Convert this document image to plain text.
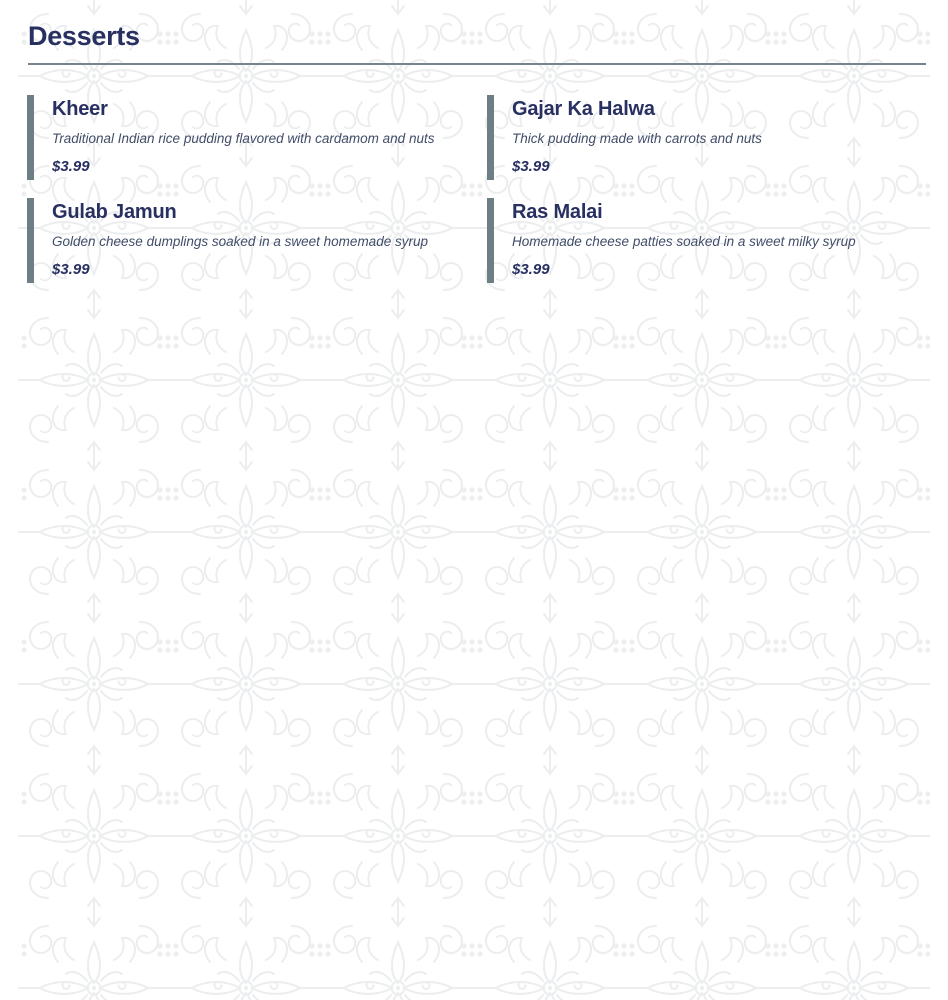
Desserts
Kheer

Traditional Indian rice pudding flavored with cardamom and nuts

$3.99

Gajar Ka Halwa

Thick pudding made with carrots and nuts

$3.99

Gulab Jamun

Golden cheese dumplings soaked in a sweet homemade syrup

$3.99

Ras Malai

Homemade cheese patties soaked in a sweet milky syrup

$3.99
